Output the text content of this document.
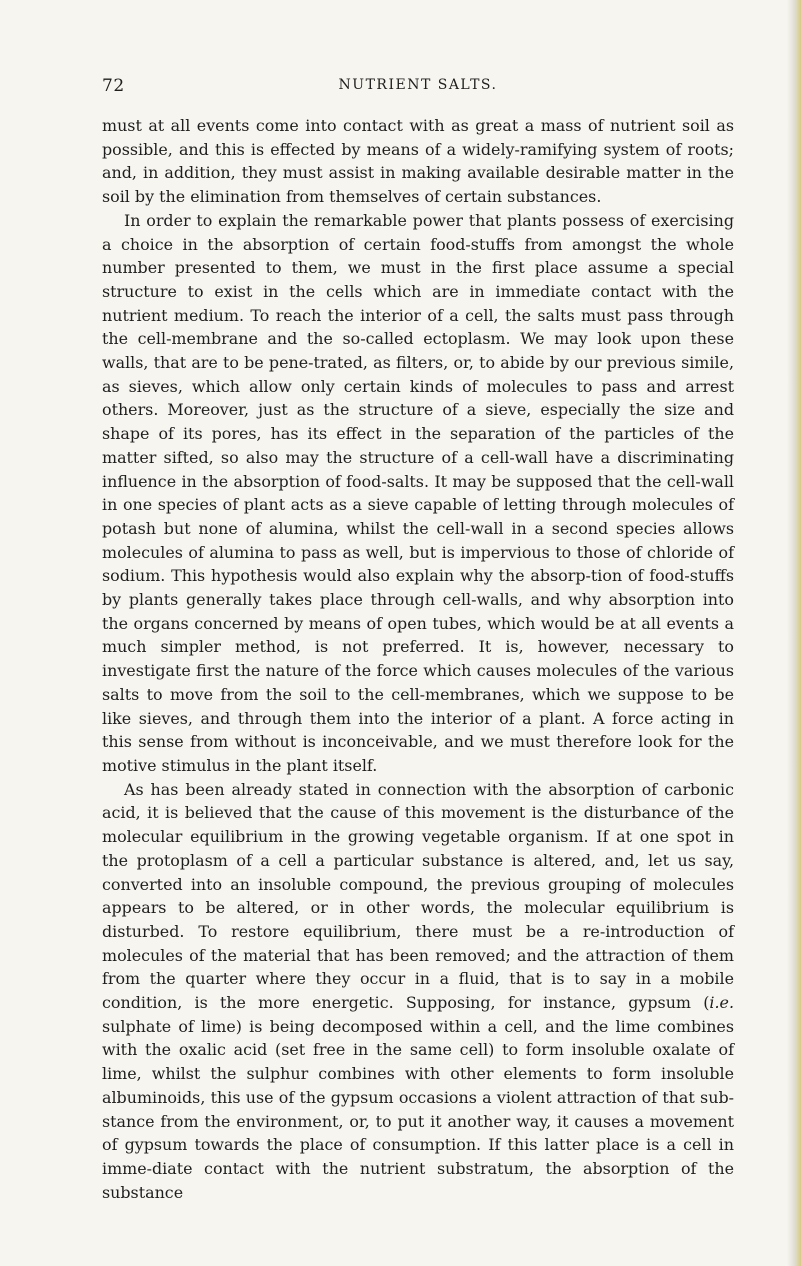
72	NUTRIENT SALTS.

must at all events come into contact with as great a mass of nutrient soil as possible, and this is effected by means of a widely-ramifying system of roots; and, in addition, they must assist in making available desirable matter in the soil by the elimination from themselves of certain substances.

In order to explain the remarkable power that plants possess of exercising a choice in the absorption of certain food-stuffs from amongst the whole number presented to them, we must in the first place assume a special structure to exist in the cells which are in immediate contact with the nutrient medium. To reach the interior of a cell, the salts must pass through the cell-membrane and the so-called ectoplasm. We may look upon these walls, that are to be pene-trated, as filters, or, to abide by our previous simile, as sieves, which allow only certain kinds of molecules to pass and arrest others. Moreover, just as the structure of a sieve, especially the size and shape of its pores, has its effect in the separation of the particles of the matter sifted, so also may the structure of a cell-wall have a discriminating influence in the absorption of food-salts. It may be supposed that the cell-wall in one species of plant acts as a sieve capable of letting through molecules of potash but none of alumina, whilst the cell-wall in a second species allows molecules of alumina to pass as well, but is impervious to those of chloride of sodium. This hypothesis would also explain why the absorp-tion of food-stuffs by plants generally takes place through cell-walls, and why absorption into the organs concerned by means of open tubes, which would be at all events a much simpler method, is not preferred. It is, however, necessary to investigate first the nature of the force which causes molecules of the various salts to move from the soil to the cell-membranes, which we suppose to be like sieves, and through them into the interior of a plant. A force acting in this sense from without is inconceivable, and we must therefore look for the motive stimulus in the plant itself.

As has been already stated in connection with the absorption of carbonic acid, it is believed that the cause of this movement is the disturbance of the molecular equilibrium in the growing vegetable organism. If at one spot in the protoplasm of a cell a particular substance is altered, and, let us say, converted into an insoluble compound, the previous grouping of molecules appears to be altered, or in other words, the molecular equilibrium is disturbed. To restore equilibrium, there must be a re-introduction of molecules of the material that has been removed; and the attraction of them from the quarter where they occur in a fluid, that is to say in a mobile condition, is the more energetic. Supposing, for instance, gypsum (i.e. sulphate of lime) is being decomposed within a cell, and the lime combines with the oxalic acid (set free in the same cell) to form insoluble oxalate of lime, whilst the sulphur combines with other elements to form insoluble albuminoids, this use of the gypsum occasions a violent attraction of that sub-stance from the environment, or, to put it another way, it causes a movement of gypsum towards the place of consumption. If this latter place is a cell in imme-diate contact with the nutrient substratum, the absorption of the substance
